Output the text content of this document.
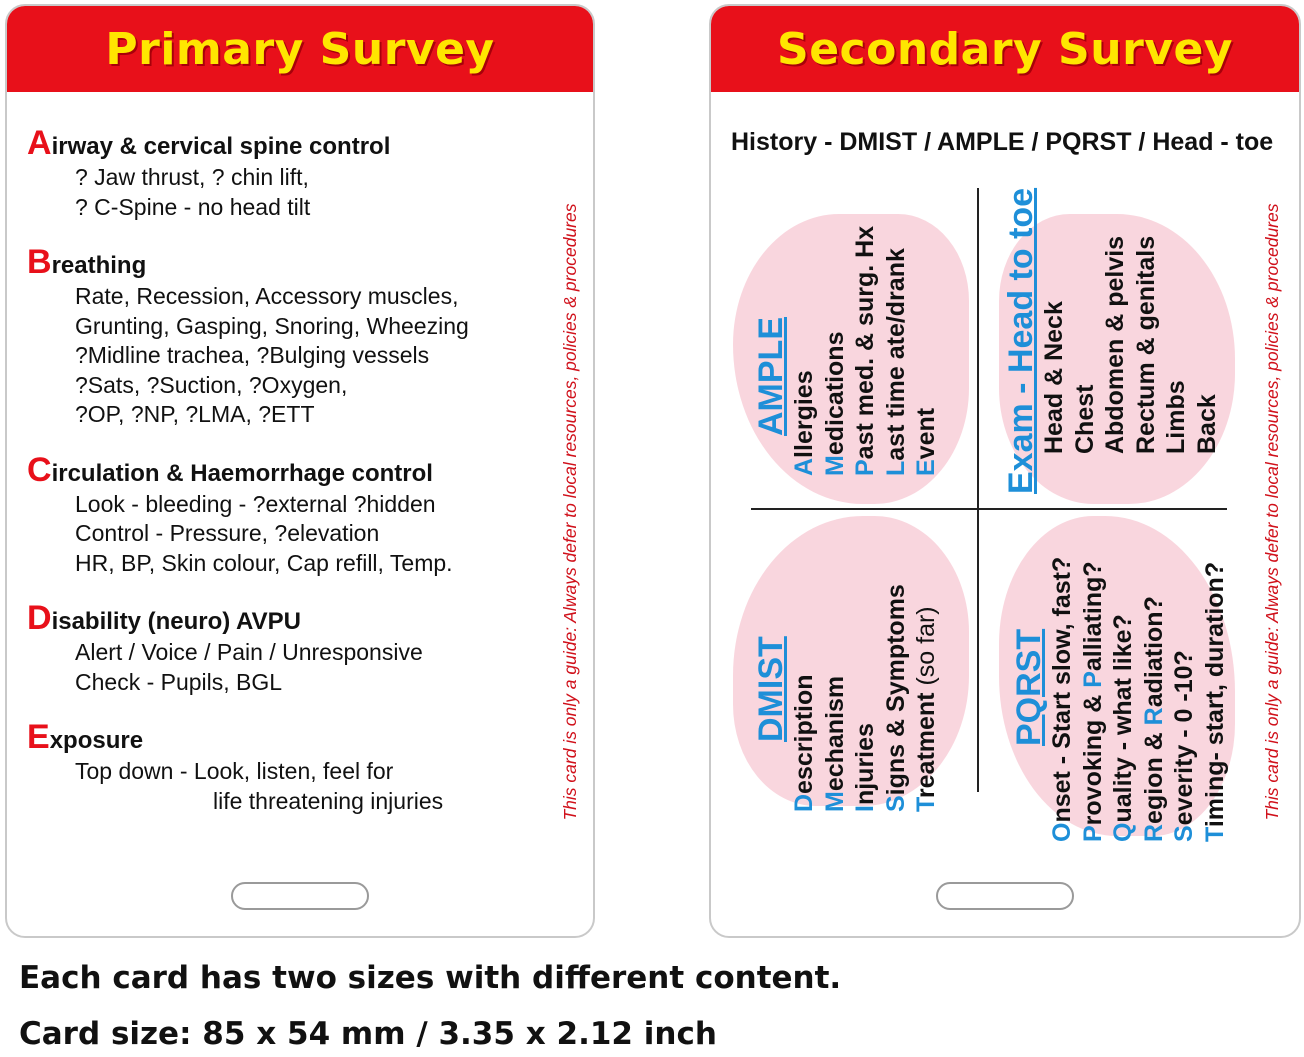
Primary Survey
Airway & cervical spine control
? Jaw thrust, ? chin lift,
? C-Spine - no head tilt
Breathing
Rate, Recession, Accessory muscles,
Grunting, Gasping, Snoring, Wheezing
?Midline trachea, ?Bulging vessels
?Sats, ?Suction, ?Oxygen,
?OP, ?NP, ?LMA, ?ETT
Circulation & Haemorrhage control
Look - bleeding - ?external ?hidden
Control - Pressure, ?elevation
HR, BP, Skin colour, Cap refill, Temp.
Disability (neuro) AVPU
Alert / Voice / Pain / Unresponsive
Check - Pupils, BGL
Exposure
Top down - Look, listen, feel for
life threatening injuries	This card is only a guide: Always defer to local resources, policies & procedures
Secondary Survey
History - DMIST / AMPLE / PQRST / Head - toe
AMPLE
Allergies
Medications
Past med. & surg. Hx
Last time ate/drank
Event Exam - Head to toe Head & Neck Chest Abdomen & pelvis Rectum & genitals Limbs Back
DMIST
Description
Mechanism
Injuries Signs & Symptoms
Treatment (so far) PQRST
Onset - Start slow, fast?
Provoking & Palliating?
Quality - what like?
Region & Radiation?
Severity - 0 -10?
Timing- start, duration? This card is only a guide: Always defer to local resources, policies & procedures
Each card has two sizes with different content.
Card size: 85 x 54 mm / 3.35 x 2.12 inch
